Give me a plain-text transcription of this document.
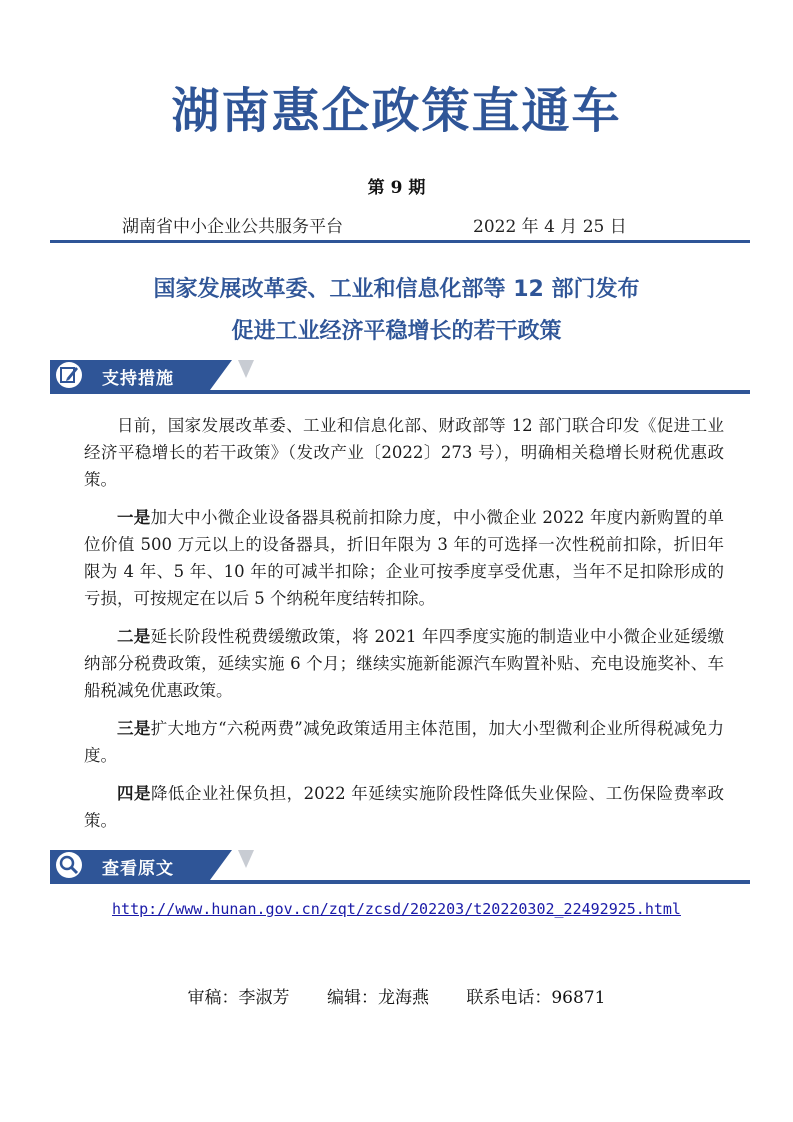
湖南惠企政策直通车
第 9 期
湖南省中小企业公共服务平台	2022 年 4 月 25 日
国家发展改革委、工业和信息化部等 12 部门发布
促进工业经济平稳增长的若干政策
支持措施

日前，国家发展改革委、工业和信息化部、财政部等 12 部门联合印发《促进工业经济平稳增长的若干政策》（发改产业〔2022〕273 号），明确相关稳增长财税优惠政策。

一是加大中小微企业设备器具税前扣除力度，中小微企业 2022 年度内新购置的单位价值 500 万元以上的设备器具，折旧年限为 3 年的可选择一次性税前扣除，折旧年限为 4 年、5 年、10 年的可减半扣除；企业可按季度享受优惠，当年不足扣除形成的亏损，可按规定在以后 5 个纳税年度结转扣除。

二是延长阶段性税费缓缴政策，将 2021 年四季度实施的制造业中小微企业延缓缴纳部分税费政策，延续实施 6 个月；继续实施新能源汽车购置补贴、充电设施奖补、车船税减免优惠政策。

三是扩大地方“六税两费”减免政策适用主体范围，加大小型微利企业所得税减免力度。

四是降低企业社保负担，2022 年延续实施阶段性降低失业保险、工伤保险费率政策。

查看原文
http://www.hunan.gov.cn/zqt/zcsd/202203/t20220302_22492925.html
审稿：李淑芳 编辑：龙海燕 联系电话：96871
